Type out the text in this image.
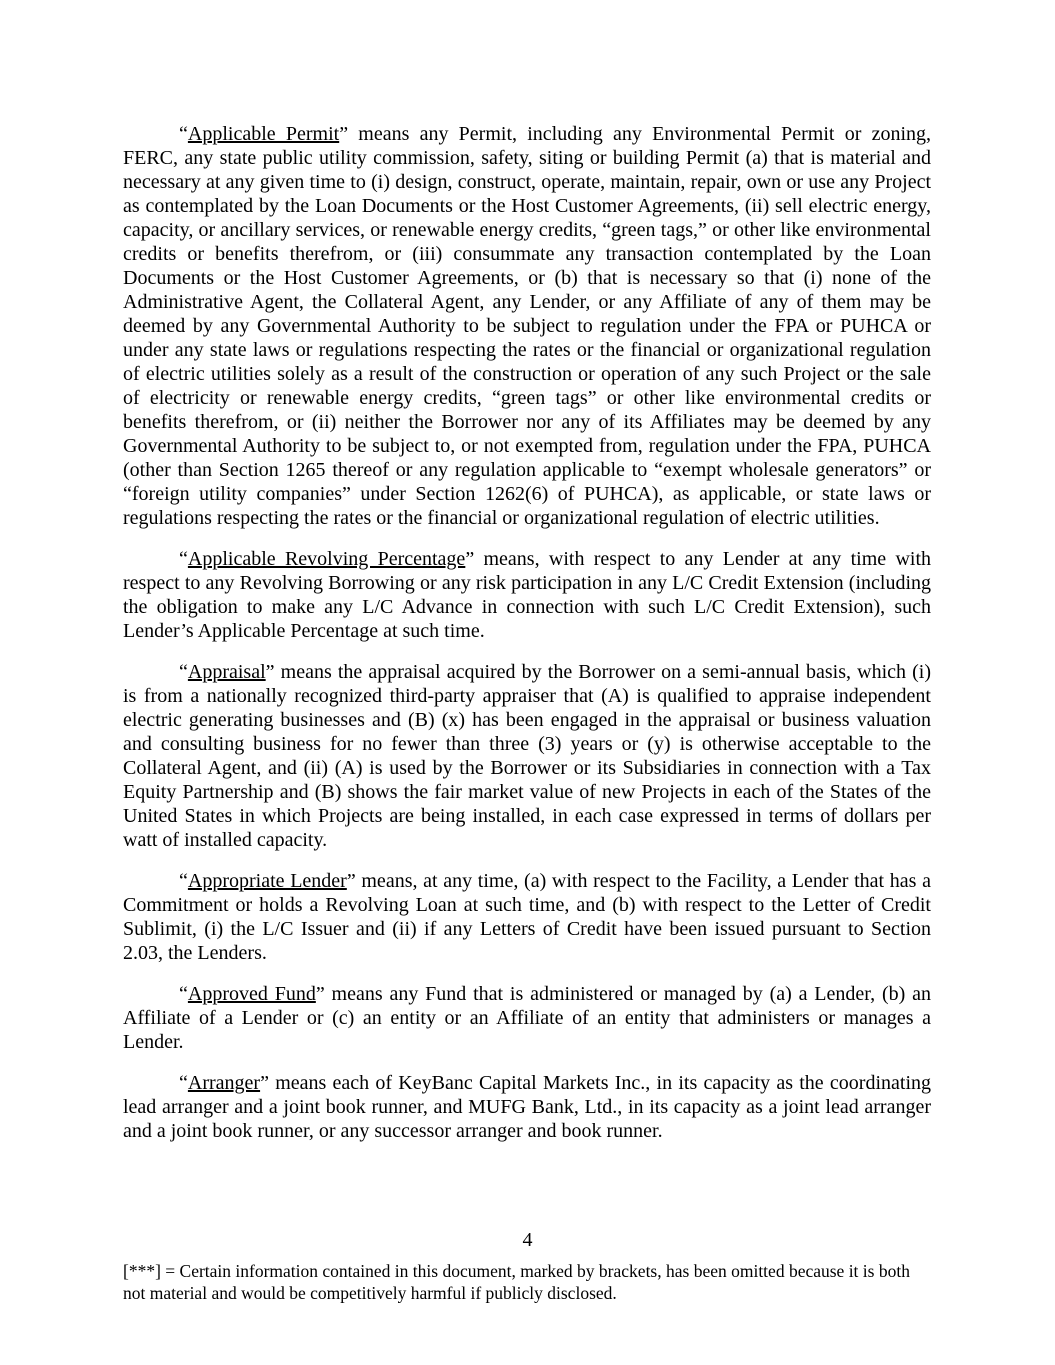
“Applicable Permit” means any Permit, including any Environmental Permit or zoning, FERC, any state public utility commission, safety, siting or building Permit (a) that is material and necessary at any given time to (i) design, construct, operate, maintain, repair, own or use any Project as contemplated by the Loan Documents or the Host Customer Agreements, (ii) sell electric energy, capacity, or ancillary services, or renewable energy credits, “green tags,” or other like environmental credits or benefits therefrom, or (iii) consummate any transaction contemplated by the Loan Documents or the Host Customer Agreements, or (b) that is necessary so that (i) none of the Administrative Agent, the Collateral Agent, any Lender, or any Affiliate of any of them may be deemed by any Governmental Authority to be subject to regulation under the FPA or PUHCA or under any state laws or regulations respecting the rates or the financial or organizational regulation of electric utilities solely as a result of the construction or operation of any such Project or the sale of electricity or renewable energy credits, “green tags” or other like environmental credits or benefits therefrom, or (ii) neither the Borrower nor any of its Affiliates may be deemed by any Governmental Authority to be subject to, or not exempted from, regulation under the FPA, PUHCA (other than Section 1265 thereof or any regulation applicable to “exempt wholesale generators” or “foreign utility companies” under Section 1262(6) of PUHCA), as applicable, or state laws or regulations respecting the rates or the financial or organizational regulation of electric utilities.

“Applicable Revolving Percentage” means, with respect to any Lender at any time with respect to any Revolving Borrowing or any risk participation in any L/C Credit Extension (including the obligation to make any L/C Advance in connection with such L/C Credit Extension), such Lender’s Applicable Percentage at such time.

“Appraisal” means the appraisal acquired by the Borrower on a semi-annual basis, which (i) is from a nationally recognized third-party appraiser that (A) is qualified to appraise independent electric generating businesses and (B) (x) has been engaged in the appraisal or business valuation and consulting business for no fewer than three (3) years or (y) is otherwise acceptable to the Collateral Agent, and (ii) (A) is used by the Borrower or its Subsidiaries in connection with a Tax Equity Partnership and (B) shows the fair market value of new Projects in each of the States of the United States in which Projects are being installed, in each case expressed in terms of dollars per watt of installed capacity.

“Appropriate Lender” means, at any time, (a) with respect to the Facility, a Lender that has a Commitment or holds a Revolving Loan at such time, and (b) with respect to the Letter of Credit Sublimit, (i) the L/C Issuer and (ii) if any Letters of Credit have been issued pursuant to Section 2.03, the Lenders.

“Approved Fund” means any Fund that is administered or managed by (a) a Lender, (b) an Affiliate of a Lender or (c) an entity or an Affiliate of an entity that administers or manages a Lender.

“Arranger” means each of KeyBanc Capital Markets Inc., in its capacity as the coordinating lead arranger and a joint book runner, and MUFG Bank, Ltd., in its capacity as a joint lead arranger and a joint book runner, or any successor arranger and book runner.

4
[***] = Certain information contained in this document, marked by brackets, has been omitted because it is both not material and would be competitively harmful if publicly disclosed.
